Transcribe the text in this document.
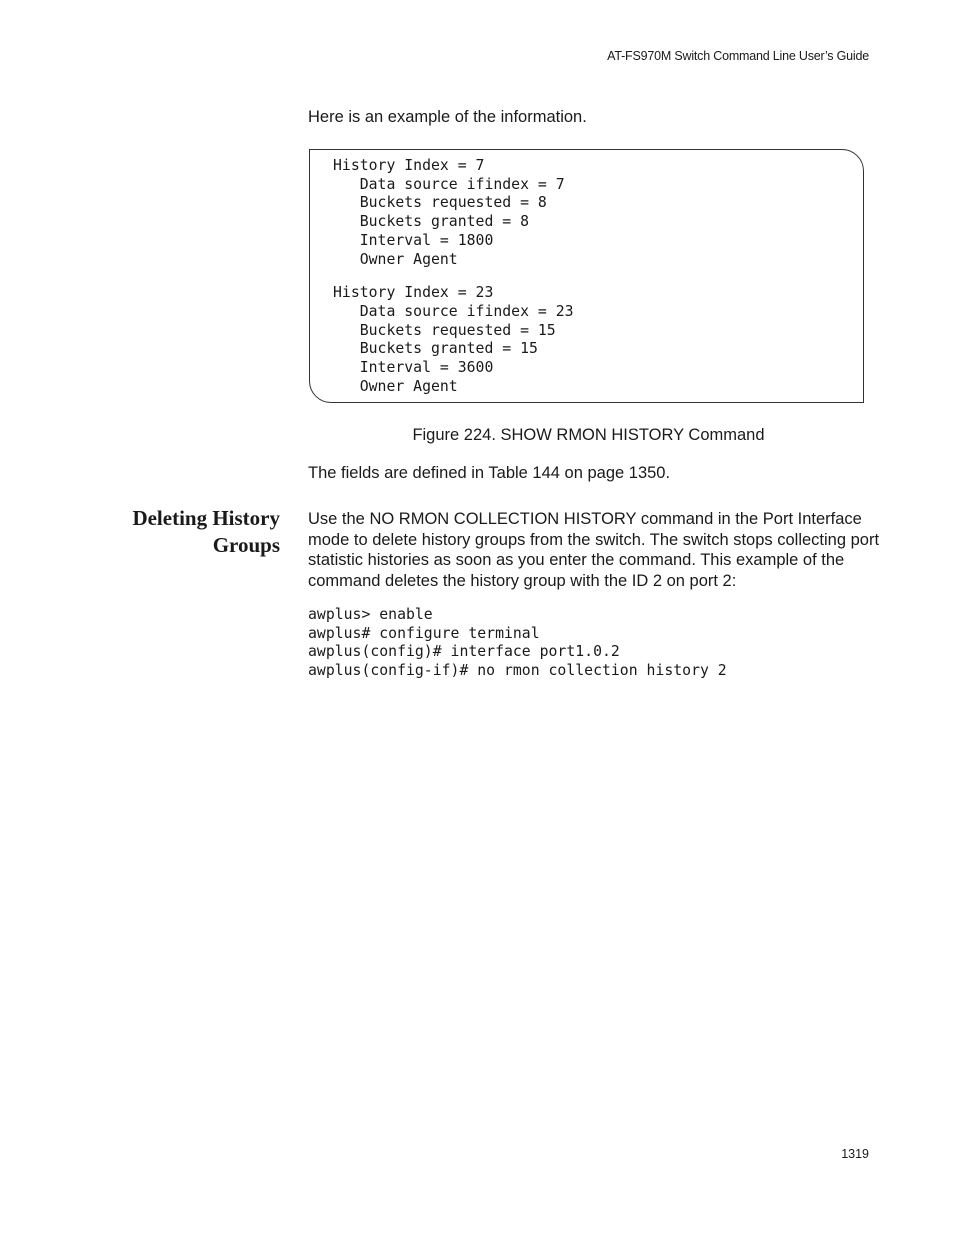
AT-FS970M Switch Command Line User’s Guide
Here is an example of the information.
History Index = 7
Data source ifindex = 7
Buckets requested = 8
Buckets granted = 8
Interval = 1800
Owner Agent
History Index = 23
Data source ifindex = 23
Buckets requested = 15
Buckets granted = 15
Interval = 3600
Owner Agent
Figure 224. SHOW RMON HISTORY Command
The fields are defined in Table 144 on page 1350.
Deleting History
Groups
Use the NO RMON COLLECTION HISTORY command in the Port Interface mode to delete history groups from the switch. The switch stops collecting port statistic histories as soon as you enter the command. This example of the command deletes the history group with the ID 2 on port 2:
awplus> enable
awplus# configure terminal
awplus(config)# interface port1.0.2
awplus(config-if)# no rmon collection history 2
1319
